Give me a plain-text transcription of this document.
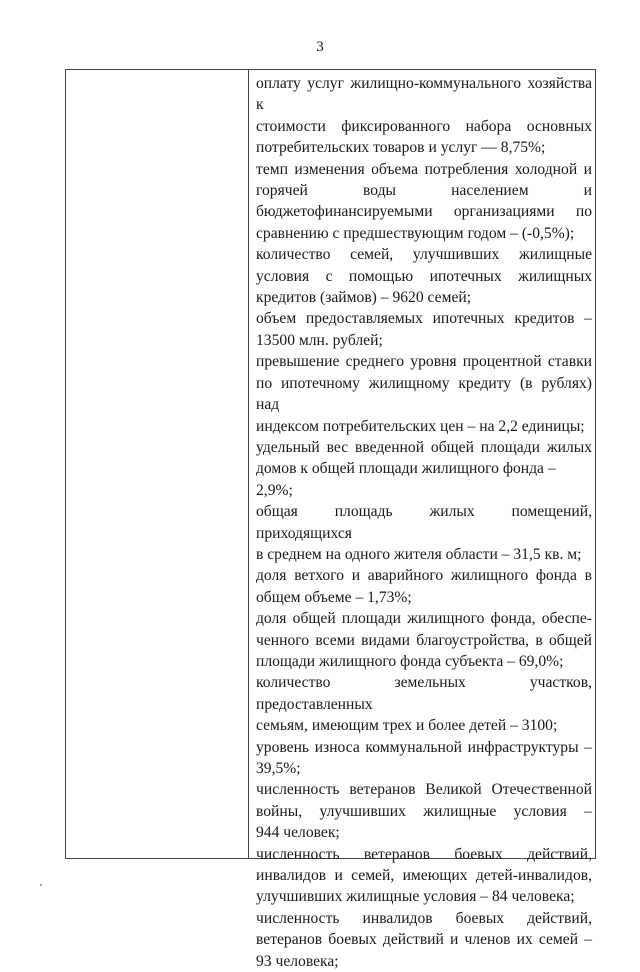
3
оплату услуг жилищно-коммунального хозяйства к
стоимости фиксированного набора основных
потребительских товаров и услуг — 8,75%;
темп изменения объема потребления холодной и
горячей воды населением и
бюджетофинансируемыми организациями по
сравнению с предшествующим годом – (-0,5%);
количество семей, улучшивших жилищные
условия с помощью ипотечных жилищных
кредитов (займов) – 9620 семей;
объем предоставляемых ипотечных кредитов –
13500 млн. рублей;
превышение среднего уровня процентной ставки
по ипотечному жилищному кредиту (в рублях) над
индексом потребительских цен – на 2,2 единицы;
удельный вес введенной общей площади жилых
домов к общей площади жилищного фонда – 2,9%;
общая площадь жилых помещений, приходящихся
в среднем на одного жителя области – 31,5 кв. м;
доля ветхого и аварийного жилищного фонда в
общем объеме – 1,73%;
доля общей площади жилищного фонда, обеспе-
ченного всеми видами благоустройства, в общей
площади жилищного фонда субъекта – 69,0%;
количество земельных участков, предоставленных
семьям, имеющим трех и более детей – 3100;
уровень износа коммунальной инфраструктуры –
39,5%;
численность ветеранов Великой Отечественной
войны, улучшивших жилищные условия –
944 человек;
численность ветеранов боевых действий,
инвалидов и семей, имеющих детей-инвалидов,
улучшивших жилищные условия – 84 человека;
численность инвалидов боевых действий,
ветеранов боевых действий и членов их семей –
93 человека;
